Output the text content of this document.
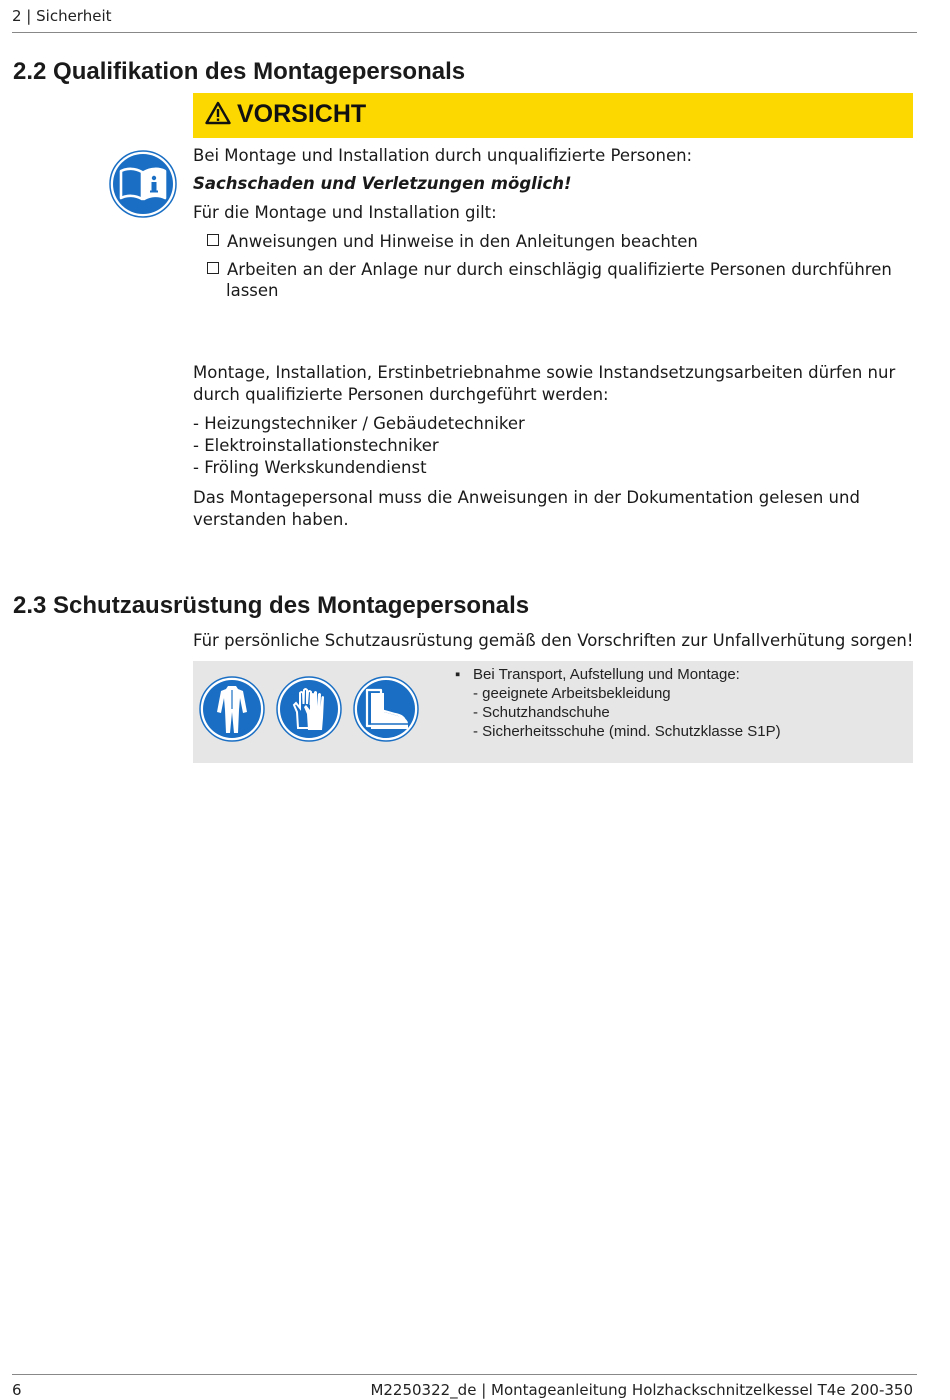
2 | Sicherheit
2.2 Qualifikation des Montagepersonals
VORSICHT
Bei Montage und Installation durch unqualifizierte Personen:
Sachschaden und Verletzungen möglich!
Für die Montage und Installation gilt:
Anweisungen und Hinweise in den Anleitungen beachten
Arbeiten an der Anlage nur durch einschlägig qualifizierte Personen durchführen
lassen
Montage, Installation, Erstinbetriebnahme sowie Instandsetzungsarbeiten dürfen nur
durch qualifizierte Personen durchgeführt werden:
- Heizungstechniker / Gebäudetechniker
- Elektroinstallationstechniker
- Fröling Werkskundendienst
Das Montagepersonal muss die Anweisungen in der Dokumentation gelesen und
verstanden haben.
2.3 Schutzausrüstung des Montagepersonals
Für persönliche Schutzausrüstung gemäß den Vorschriften zur Unfallverhütung sorgen!
▪ Bei Transport, Aufstellung und Montage:
- geeignete Arbeitsbekleidung
- Schutzhandschuhe
- Sicherheitsschuhe (mind. Schutzklasse S1P)
6	M2250322_de | Montageanleitung Holzhackschnitzelkessel T4e 200-350
